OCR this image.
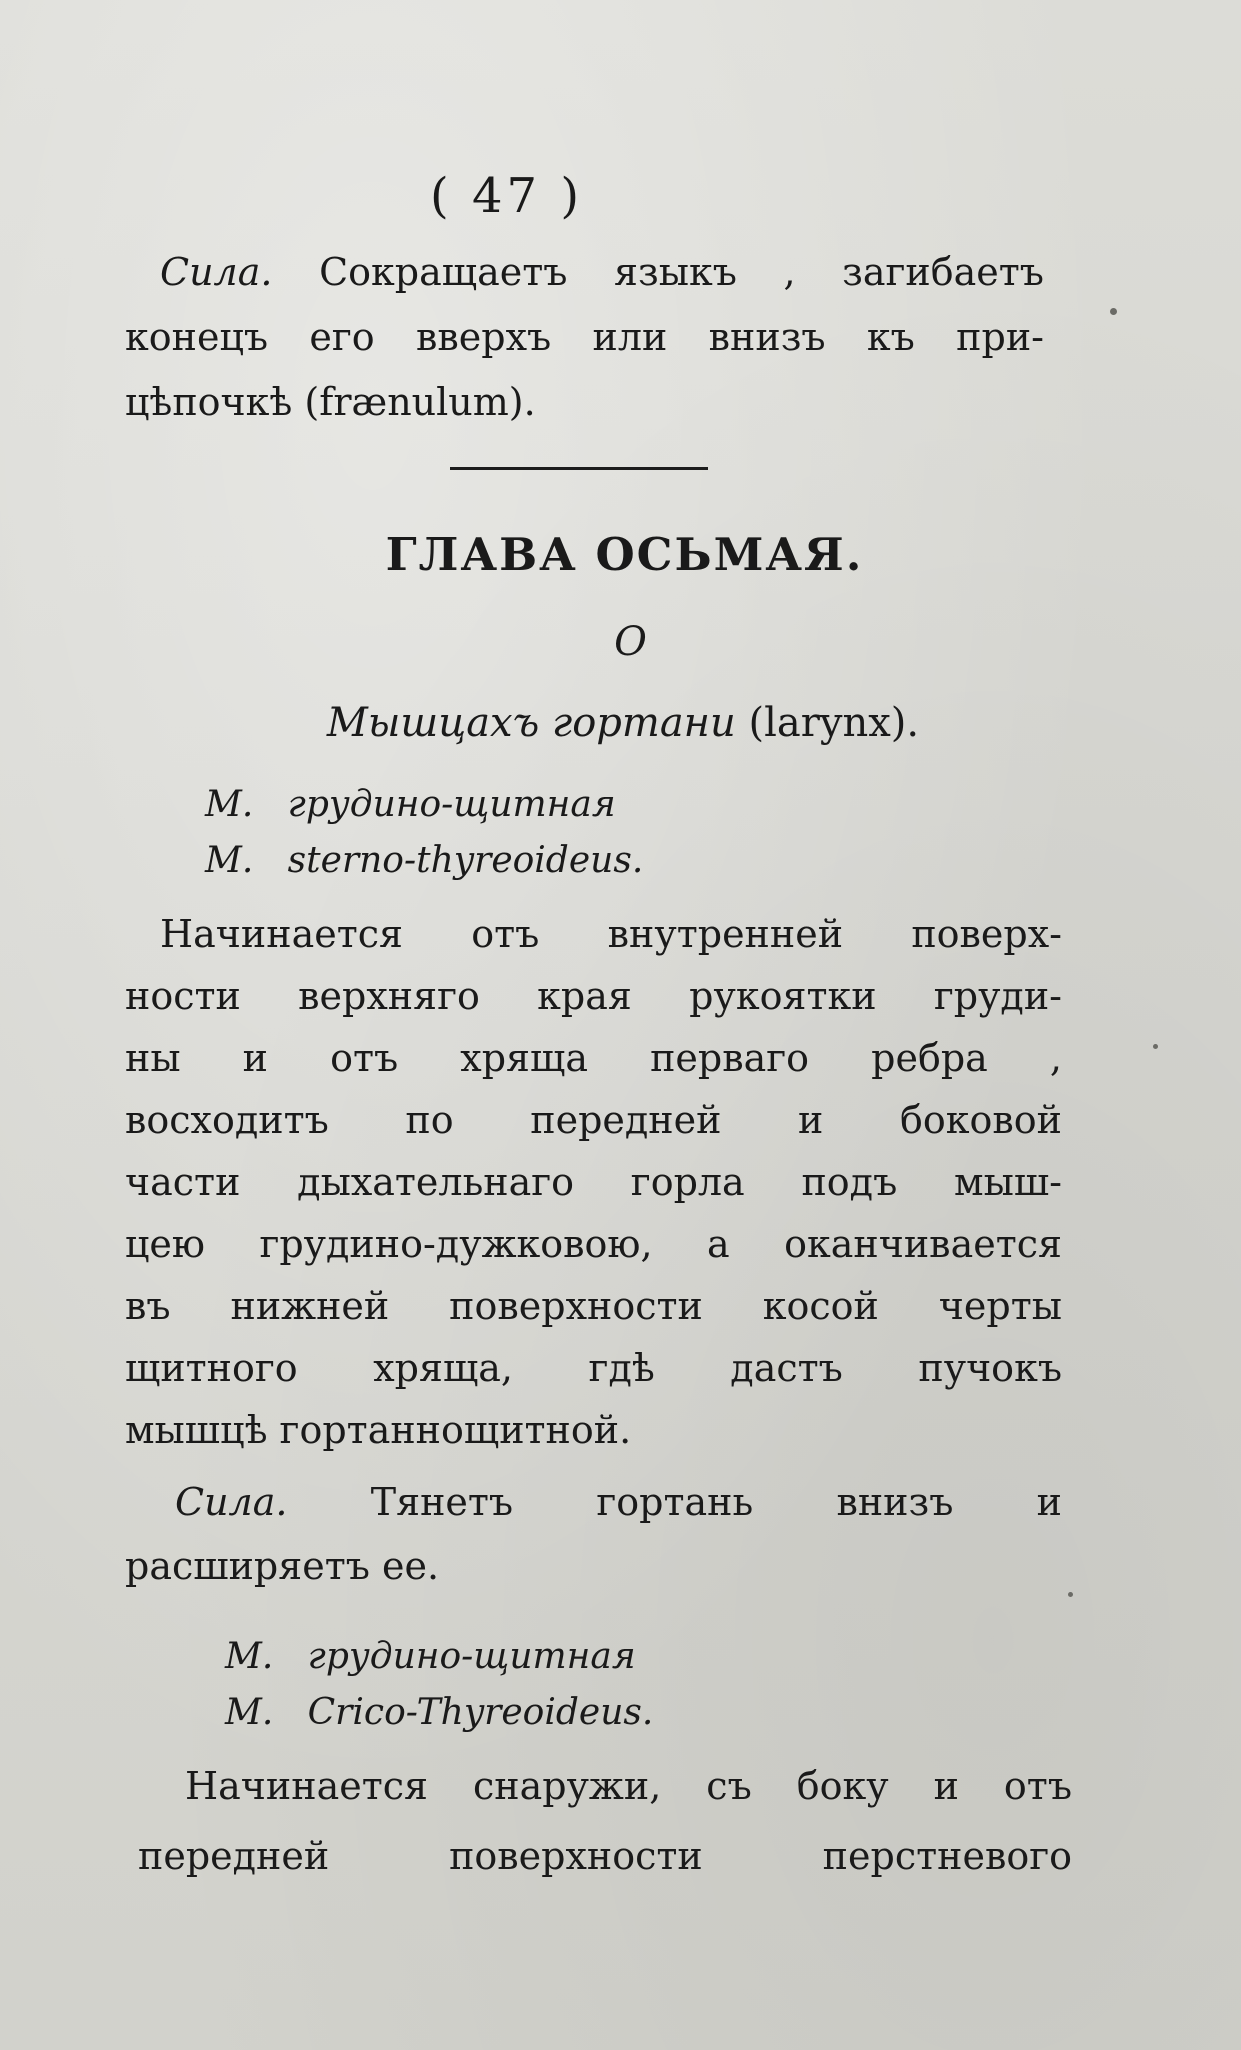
( 47 )
Сила. Сокращаетъ языкъ , загибаетъ
конецъ его вверхъ или внизъ къ при-
цѣпочкѣ (frænulum).
ГЛАВА ОСЬМАЯ.
О
Мышцахъ гортани (larynx).
М.   грудино-щитная
М.   sterno-thyreoideus.
Начинается отъ внутренней поверх-
ности верхняго края рукоятки груди-
ны и отъ хряща перваго ребра ,
восходитъ по передней и боковой
части дыхательнаго горла подъ мыш-
цею грудино-дужковою, а оканчивается
въ нижней поверхности косой черты
щитного хряща, гдѣ дастъ пучокъ
мышцѣ гортаннощитной.
Сила. Тянетъ гортань внизъ и
расширяетъ ее.
М.   грудино-щитная
М.   Crico-Thyreoideus.
Начинается снаружи, съ боку и отъ
передней поверхности перстневого
